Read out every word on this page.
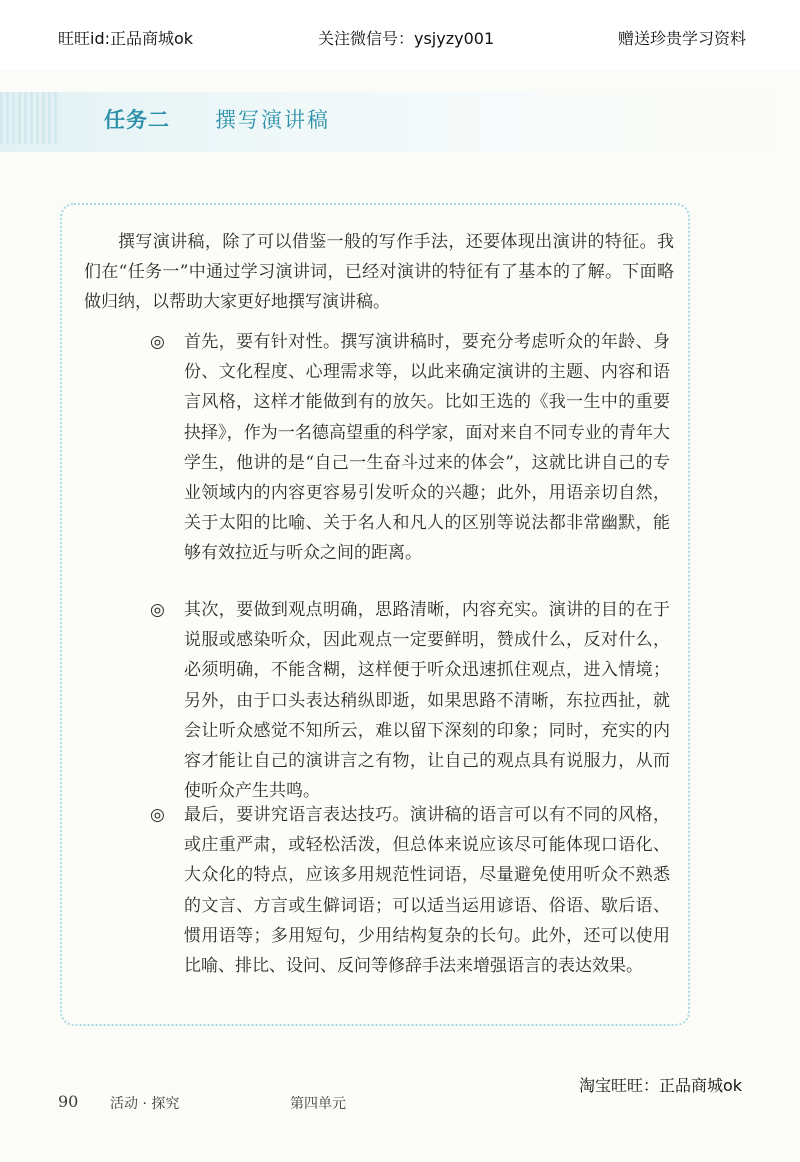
旺旺id:正品商城ok	关注微信号：ysjyzy001	赠送珍贵学习资料
任务二 撰写演讲稿

撰写演讲稿，除了可以借鉴一般的写作手法，还要体现出演讲的特征。我们在“任务一”中通过学习演讲词，已经对演讲的特征有了基本的了解。下面略做归纳，以帮助大家更好地撰写演讲稿。

◎	首先，要有针对性。撰写演讲稿时，要充分考虑听众的年龄、身份、文化程度、心理需求等，以此来确定演讲的主题、内容和语言风格，这样才能做到有的放矢。比如王选的《我一生中的重要抉择》，作为一名德高望重的科学家，面对来自不同专业的青年大学生，他讲的是“自己一生奋斗过来的体会”，这就比讲自己的专业领域内的内容更容易引发听众的兴趣；此外，用语亲切自然，关于太阳的比喻、关于名人和凡人的区别等说法都非常幽默，能够有效拉近与听众之间的距离。

◎	其次，要做到观点明确，思路清晰，内容充实。演讲的目的在于说服或感染听众，因此观点一定要鲜明，赞成什么，反对什么，必须明确，不能含糊，这样便于听众迅速抓住观点，进入情境；另外，由于口头表达稍纵即逝，如果思路不清晰，东拉西扯，就会让听众感觉不知所云，难以留下深刻的印象；同时，充实的内容才能让自己的演讲言之有物，让自己的观点具有说服力，从而使听众产生共鸣。

◎	最后，要讲究语言表达技巧。演讲稿的语言可以有不同的风格，或庄重严肃，或轻松活泼，但总体来说应该尽可能体现口语化、大众化的特点，应该多用规范性词语，尽量避免使用听众不熟悉的文言、方言或生僻词语；可以适当运用谚语、俗语、歇后语、惯用语等；多用短句，少用结构复杂的长句。此外，还可以使用比喻、排比、设问、反问等修辞手法来增强语言的表达效果。

90 活动 · 探究	第四单元
淘宝旺旺：正品商城ok
